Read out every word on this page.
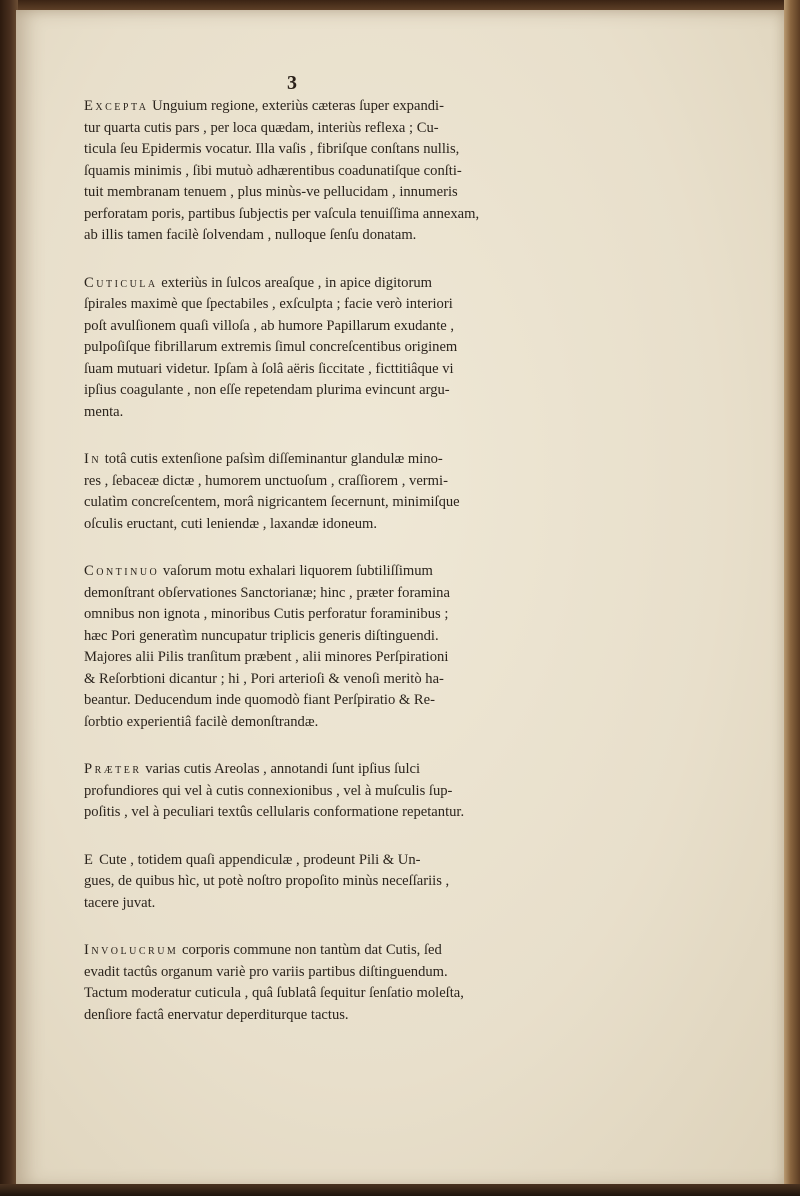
3
Excepta Unguium regione, exteriùs cæteras ſuper expandi-
tur quarta cutis pars , per loca quædam, interiùs reflexa ; Cu-
ticula ſeu Epidermis vocatur. Illa vaſis , fibriſque conſtans nullis,
ſquamis minimis , ſibi mutuò adhærentibus coadunatiſque conſti-
tuit membranam tenuem , plus minùs-ve pellucidam , innumeris
perforatam poris, partibus ſubjectis per vaſcula tenuiſſima annexam,
ab illis tamen facilè ſolvendam , nulloque ſenſu donatam.
Cuticula exteriùs in ſulcos areaſque , in apice digitorum
ſpirales maximè que ſpectabiles , exſculpta ; facie verò interiori
poſt avulſionem quaſi villoſa , ab humore Papillarum exudante ,
pulpoſiſque fibrillarum extremis ſimul concreſcentibus originem
ſuam mutuari videtur. Ipſam à ſolâ aëris ſiccitate , ficttitiâque vi
ipſius coagulante , non eſſe repetendam plurima evincunt argu-
menta.
In totâ cutis extenſione paſsìm diſſeminantur glandulæ mino-
res , ſebaceæ dictæ , humorem unctuoſum , craſſiorem , vermi-
culatìm concreſcentem, morâ nigricantem ſecernunt, minimiſque
oſculis eructant, cuti leniendæ , laxandæ idoneum.
Continuo vaſorum motu exhalari liquorem ſubtiliſſimum
demonſtrant obſervationes Sanctorianæ; hinc , præter foramina
omnibus non ignota , minoribus Cutis perforatur foraminibus ;
hæc Pori generatìm nuncupatur triplicis generis diſtinguendi.
Majores alii Pilis tranſitum præbent , alii minores Perſpirationi
& Reſorbtioni dicantur ; hi , Pori arterioſi & venoſi meritò ha-
beantur. Deducendum inde quomodò fiant Perſpiratio & Re-
ſorbtio experientiâ facilè demonſtrandæ.
Præter varias cutis Areolas , annotandi ſunt ipſius ſulci
profundiores qui vel à cutis connexionibus , vel à muſculis ſup-
poſitis , vel à peculiari textûs cellularis conformatione repetantur.
E Cute , totidem quaſi appendiculæ , prodeunt Pili & Un-
gues, de quibus hìc, ut potè noſtro propoſito minùs neceſſariis ,
tacere juvat.
Involucrum corporis commune non tantùm dat Cutis, ſed
evadit tactûs organum variè pro variis partibus diſtinguendum.
Tactum moderatur cuticula , quâ ſublatâ ſequitur ſenſatio moleſta,
denſiore factâ enervatur deperditurque tactus.
